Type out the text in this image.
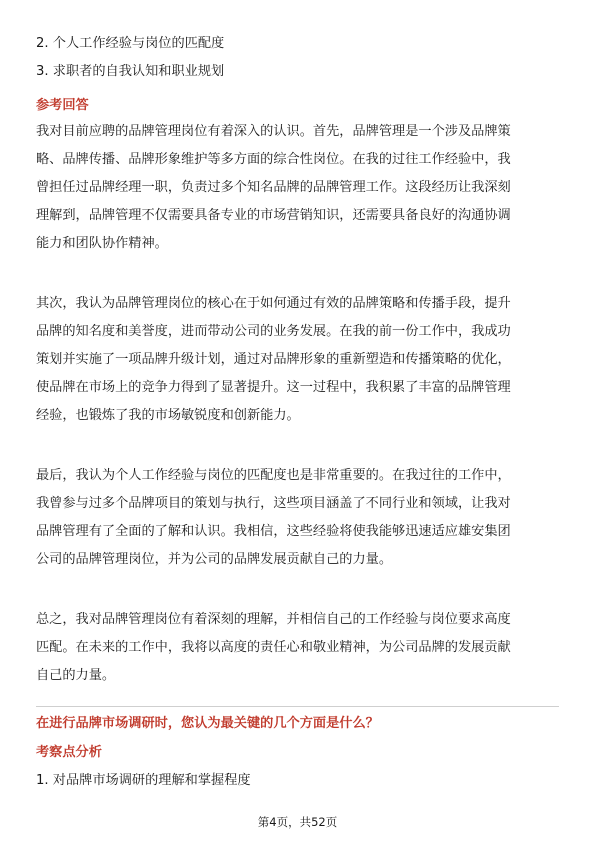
2. 个人工作经验与岗位的匹配度
3. 求职者的自我认知和职业规划
参考回答
我对目前应聘的品牌管理岗位有着深入的认识。首先，品牌管理是一个涉及品牌策
略、品牌传播、品牌形象维护等多方面的综合性岗位。在我的过往工作经验中，我
曾担任过品牌经理一职，负责过多个知名品牌的品牌管理工作。这段经历让我深刻
理解到，品牌管理不仅需要具备专业的市场营销知识，还需要具备良好的沟通协调
能力和团队协作精神。
其次，我认为品牌管理岗位的核心在于如何通过有效的品牌策略和传播手段，提升
品牌的知名度和美誉度，进而带动公司的业务发展。在我的前一份工作中，我成功
策划并实施了一项品牌升级计划，通过对品牌形象的重新塑造和传播策略的优化，
使品牌在市场上的竞争力得到了显著提升。这一过程中，我积累了丰富的品牌管理
经验，也锻炼了我的市场敏锐度和创新能力。
最后，我认为个人工作经验与岗位的匹配度也是非常重要的。在我过往的工作中，
我曾参与过多个品牌项目的策划与执行，这些项目涵盖了不同行业和领域，让我对
品牌管理有了全面的了解和认识。我相信，这些经验将使我能够迅速适应雄安集团
公司的品牌管理岗位，并为公司的品牌发展贡献自己的力量。
总之，我对品牌管理岗位有着深刻的理解，并相信自己的工作经验与岗位要求高度
匹配。在未来的工作中，我将以高度的责任心和敬业精神，为公司品牌的发展贡献
自己的力量。
在进行品牌市场调研时，您认为最关键的几个方面是什么？
考察点分析
1. 对品牌市场调研的理解和掌握程度
第4页，共52页
